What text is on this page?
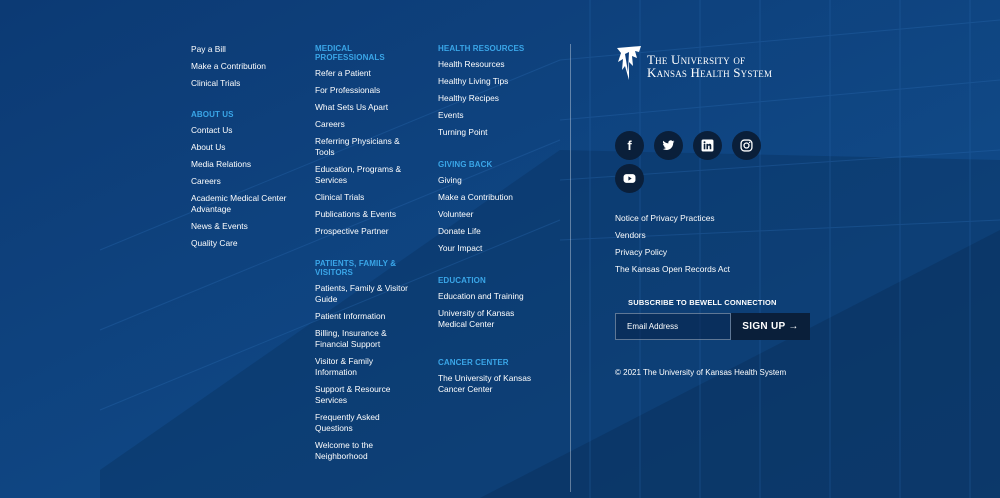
Pay a Bill
Make a Contribution
Clinical Trials
ABOUT US
Contact Us
About Us
Media Relations
Careers
Academic Medical Center Advantage
News & Events
Quality Care
MEDICAL PROFESSIONALS
Refer a Patient
For Professionals
What Sets Us Apart
Careers
Referring Physicians & Tools
Education, Programs & Services
Clinical Trials
Publications & Events
Prospective Partner
PATIENTS, FAMILY & VISITORS
Patients, Family & Visitor Guide
Patient Information
Billing, Insurance & Financial Support
Visitor & Family Information
Support & Resource Services
Frequently Asked Questions
Welcome to the Neighborhood
HEALTH RESOURCES
Health Resources
Healthy Living Tips
Healthy Recipes
Events
Turning Point
GIVING BACK
Giving
Make a Contribution
Volunteer
Donate Life
Your Impact
EDUCATION
Education and Training
University of Kansas Medical Center
CANCER CENTER
The University of Kansas Cancer Center
The University of
Kansas Health System
f
Notice of Privacy Practices
Vendors
Privacy Policy
The Kansas Open Records Act
SUBSCRIBE TO BEWELL CONNECTION
Email Address
SIGN UP →
© 2021 The University of Kansas Health System
